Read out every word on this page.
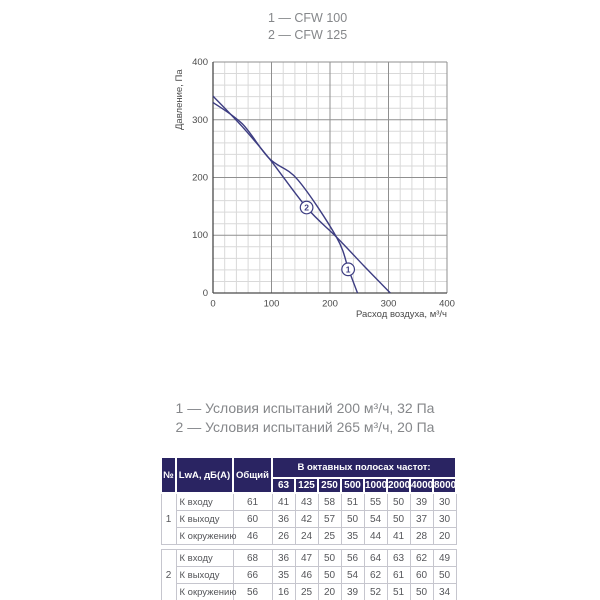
1 — CFW 100
2 — CFW 125
1
2
400
300
200
100
0
0	100	200	300	400
Давление, Па
Расход воздуха, м³/ч
1 — Условия испытаний 200 м³/ч, 32 Па
2 — Условия испытаний 265 м³/ч, 20 Па
№	LwA, дБ(A)	Общий	В октавных полосах частот:							
			63	125	250	500	1000	2000	4000	8000
1	К входу	61	41	43	58	51	55	50	39	30
	К выходу	60	36	42	57	50	54	50	37	30
	К окружению	46	26	24	25	35	44	41	28	20

2	К входу	68	36	47	50	56	64	63	62	49
	К выходу	66	35	46	50	54	62	61	60	50
	К окружению	56	16	25	20	39	52	51	50	34
